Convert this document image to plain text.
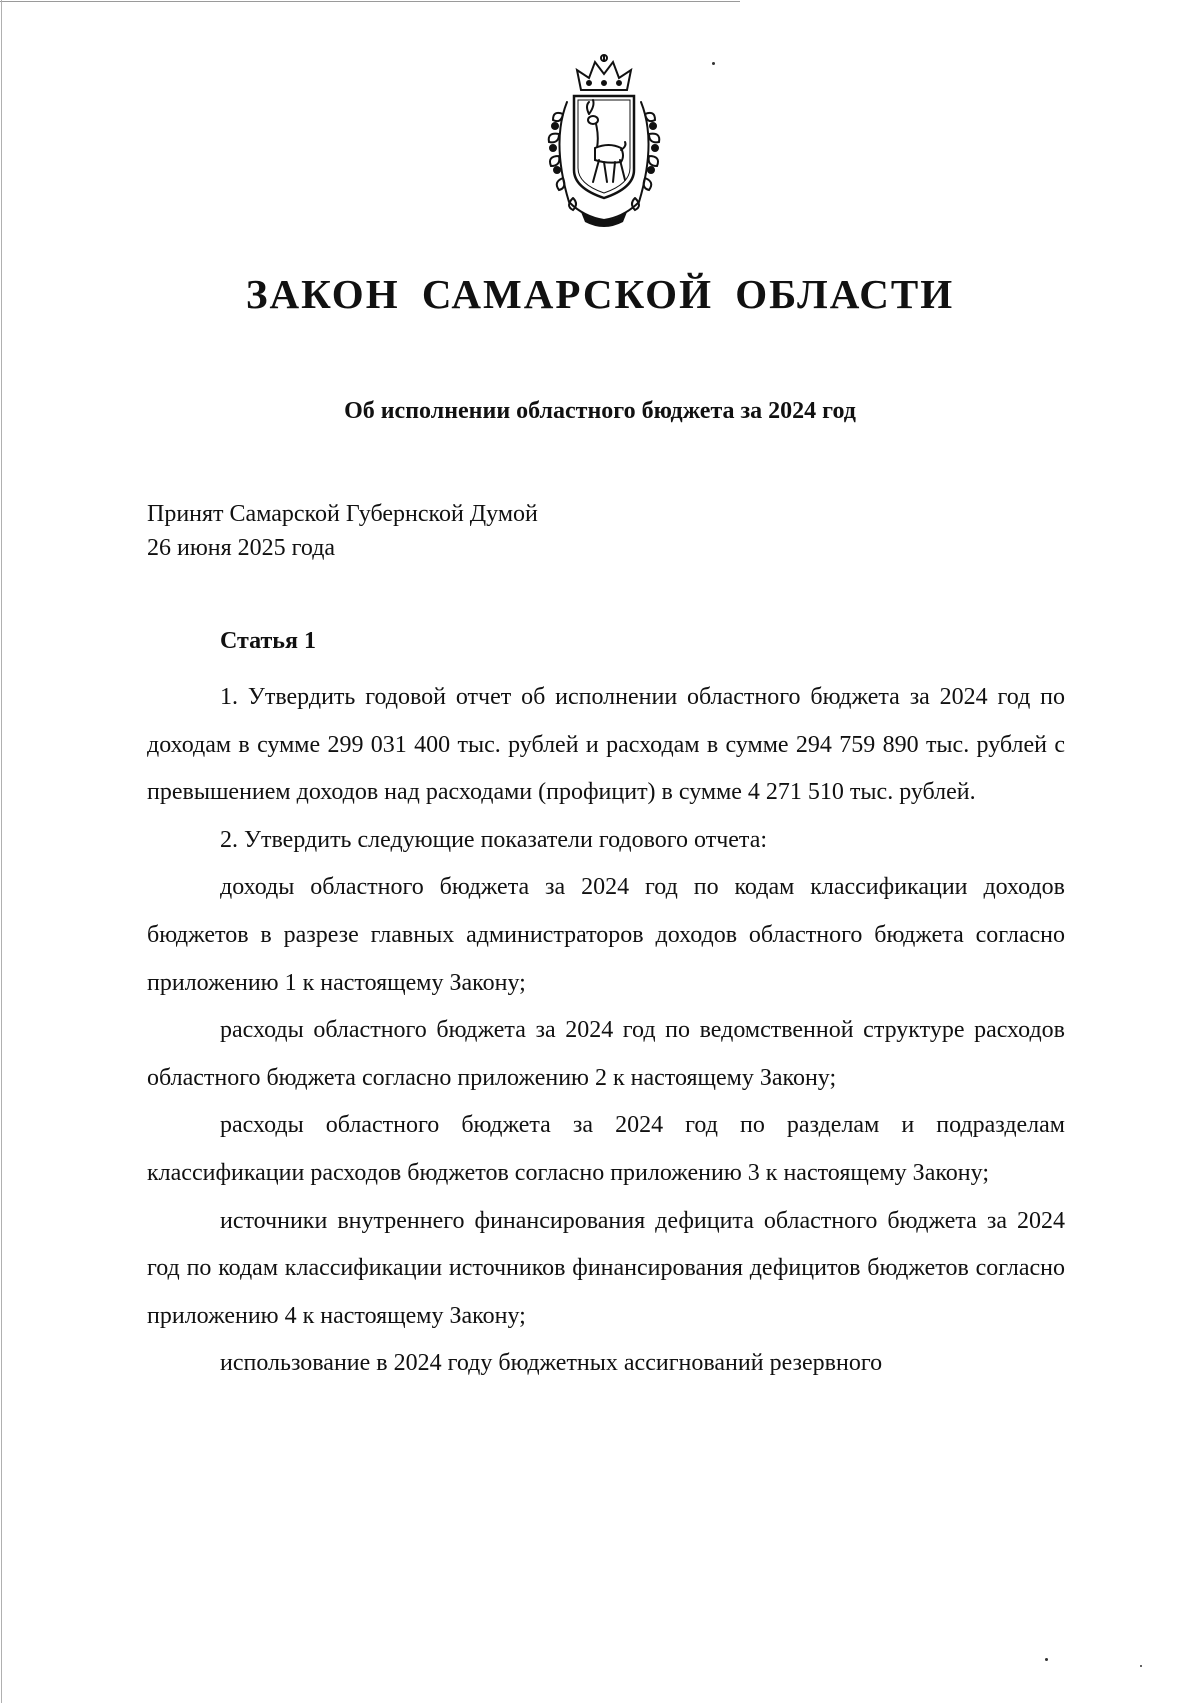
ЗАКОН САМАРСКОЙ ОБЛАСТИ
Об исполнении областного бюджета за 2024 год
Принят Самарской Губернской Думой
26 июня 2025 года
Статья 1

1. Утвердить годовой отчет об исполнении областного бюджета за 2024 год по доходам в сумме 299 031 400 тыс. рублей и расходам в сумме 294 759 890 тыс. рублей с превышением доходов над расходами (профицит) в сумме 4 271 510 тыс. рублей.

2. Утвердить следующие показатели годового отчета:

доходы областного бюджета за 2024 год по кодам классификации доходов бюджетов в разрезе главных администраторов доходов областного бюджета согласно приложению 1 к настоящему Закону;

расходы областного бюджета за 2024 год по ведомственной структуре расходов областного бюджета согласно приложению 2 к настоящему Закону;

расходы областного бюджета за 2024 год по разделам и подразделам классификации расходов бюджетов согласно приложению 3 к настоящему Закону;

источники внутреннего финансирования дефицита областного бюджета за 2024 год по кодам классификации источников финансирования дефицитов бюджетов согласно приложению 4 к настоящему Закону;

использование в 2024 году бюджетных ассигнований резервного
